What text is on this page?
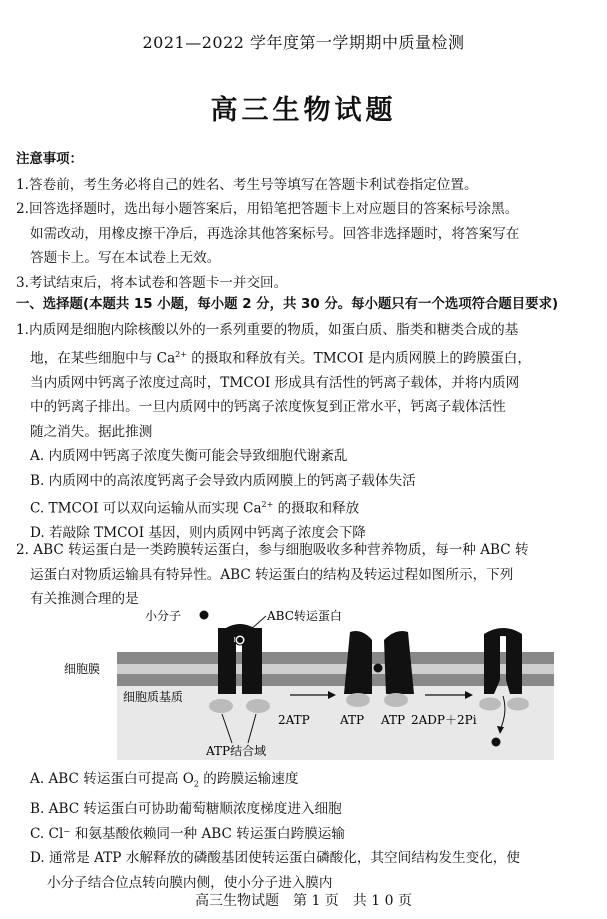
2021—2022 学年度第一学期期中质量检测
高三生物试题
注意事项：
1.答卷前，考生务必将自己的姓名、考生号等填写在答题卡利试卷指定位置。
2.回答选择题时，选出每小题答案后，用铅笔把答题卡上对应题目的答案标号涂黑。
如需改动，用橡皮擦干净后，再选涂其他答案标号。回答非选择题时，将答案写在
答题卡上。写在本试卷上无效。
3.考试结束后，将本试卷和答题卡一并交回。
一、选择题(本题共 15 小题，每小题 2 分，共 30 分。每小题只有一个选项符合题目要求)
1.内质网是细胞内除核酸以外的一系列重要的物质，如蛋白质、脂类和糖类合成的基
地，在某些细胞中与 $Ca^{2+}$ 的摄取和释放有关。TMCOI 是内质网膜上的跨膜蛋白，
当内质网中钙离子浓度过高时，TMCOI 形成具有活性的钙离子载体，并将内质网
中的钙离子排出。一旦内质网中的钙离子浓度恢复到正常水平，钙离子载体活性
随之消失。据此推测
A. 内质网中钙离子浓度失衡可能会导致细胞代谢紊乱
B. 内质网中的高浓度钙离子会导致内质网膜上的钙离子载体失活
C. TMCOI 可以双向运输从而实现 $Ca^{2+}$ 的摄取和释放
D. 若敲除 TMCOI 基因，则内质网中钙离子浓度会下降
2. ABC 转运蛋白是一类跨膜转运蛋白，参与细胞吸收多种营养物质，每一种 ABC 转
运蛋白对物质运输具有特异性。ABC 转运蛋白的结构及转运过程如图所示，下列
有关推测合理的是
小分子	ABC转运蛋白
细胞膜
细胞质基质
ATP结合域
2ATP	ATP ATP 2ADP＋2Pi
A. ABC 转运蛋白可提高 $O_2$ 的跨膜运输速度
B. ABC 转运蛋白可协助葡萄糖顺浓度梯度进入细胞
C. Cl⁻ 和氨基酸依赖同一种 ABC 转运蛋白跨膜运输
D. 通常是 ATP 水解释放的磷酸基团使转运蛋白磷酸化，其空间结构发生变化，使
小分子结合位点转向膜内侧，使小分子进入膜内
高三生物试题　第 1 页　共 1 0 页
